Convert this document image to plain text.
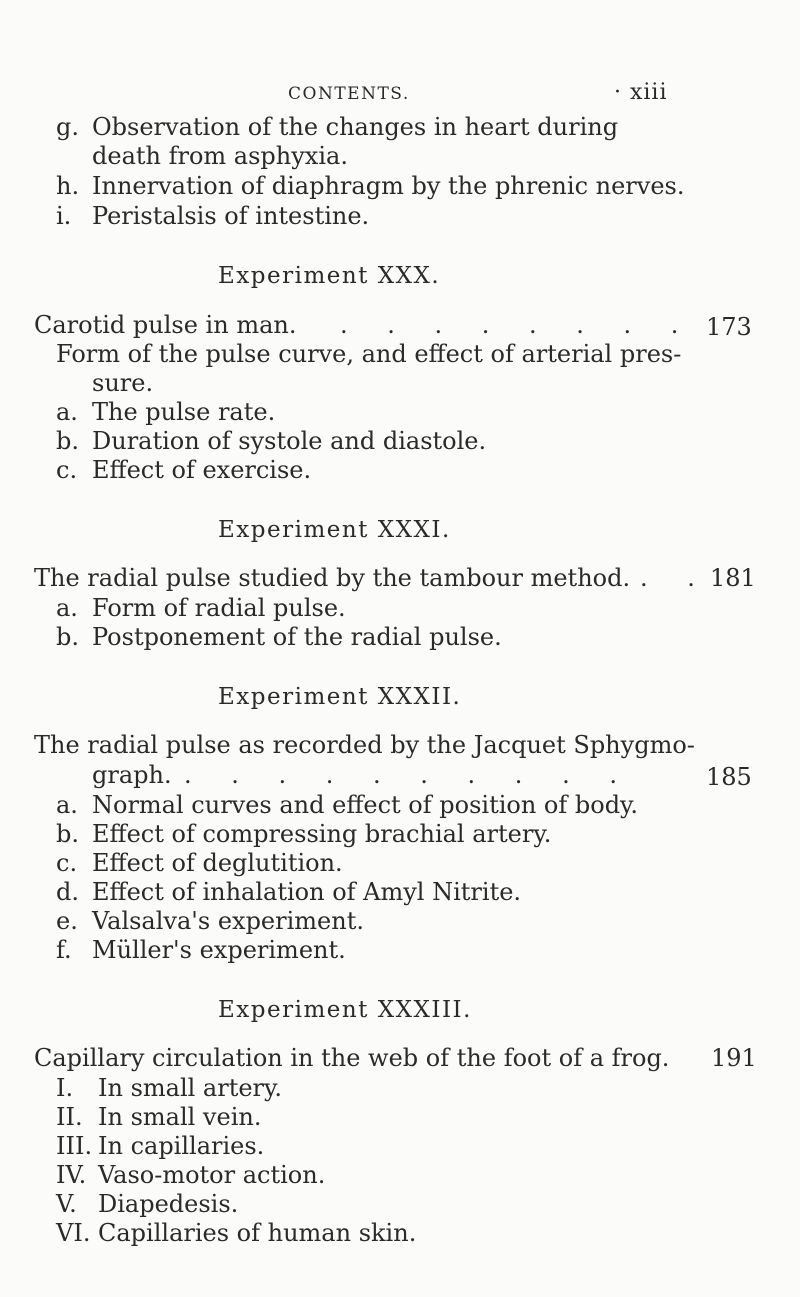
CONTENTS.	· xiii
g. Observation of the changes in heart during
death from asphyxia.
h. Innervation of diaphragm by the phrenic nerves.
i. Peristalsis of intestine.
Experiment XXX.
Carotid pulse in man. . . . . . . . . 173
Form of the pulse curve, and effect of arterial pres-
sure.
a. The pulse rate.
b. Duration of systole and diastole.
c. Effect of exercise.
Experiment XXXI.
The radial pulse studied by the tambour method. . . 181
a. Form of radial pulse.
b. Postponement of the radial pulse.
Experiment XXXII.
The radial pulse as recorded by the Jacquet Sphygmo-
graph. . . . . . . . . . .	185
a. Normal curves and effect of position of body.
b. Effect of compressing brachial artery.
c. Effect of deglutition.
d. Effect of inhalation of Amyl Nitrite.
e. Valsalva's experiment.
f. Müller's experiment.
Experiment XXXIII.
Capillary circulation in the web of the foot of a frog. 191
I. In small artery.
II. In small vein.
III. In capillaries.
IV. Vaso-motor action.
V. Diapedesis.
VI. Capillaries of human skin.
